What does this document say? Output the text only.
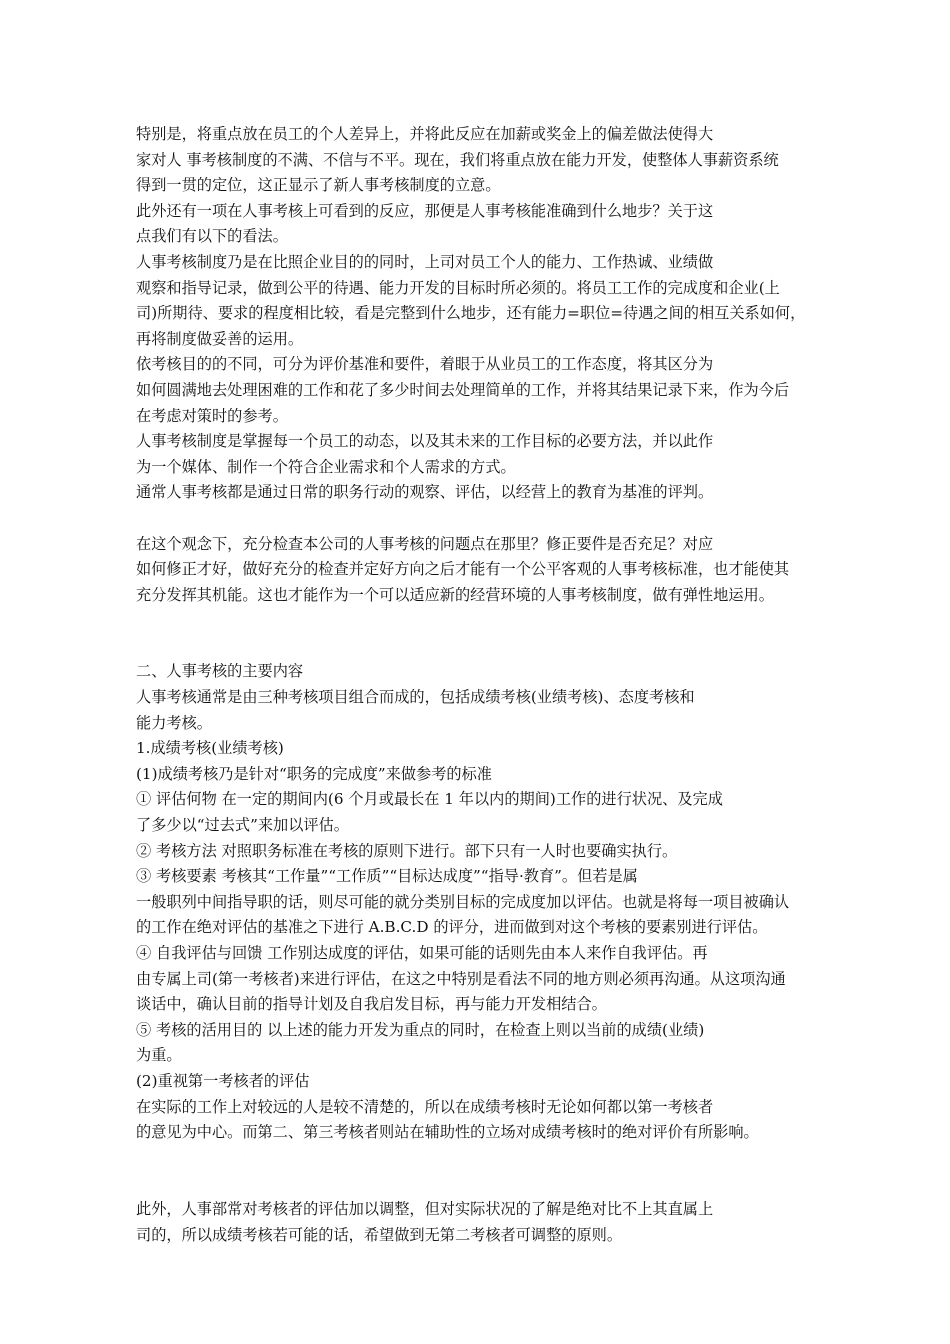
特别是，将重点放在员工的个人差异上，并将此反应在加薪或奖金上的偏差做法使得大
家对人 事考核制度的不满、不信与不平。现在，我们将重点放在能力开发，使整体人事薪资系统
得到一贯的定位，这正显示了新人事考核制度的立意。
此外还有一项在人事考核上可看到的反应，那便是人事考核能准确到什么地步？关于这
点我们有以下的看法。
人事考核制度乃是在比照企业目的的同时，上司对员工个人的能力、工作热诚、业绩做
观察和指导记录，做到公平的待遇、能力开发的目标时所必须的。将员工工作的完成度和企业(上
司)所期待、要求的程度相比较，看是完整到什么地步，还有能力=职位=待遇之间的相互关系如何，
再将制度做妥善的运用。
依考核目的的不同，可分为评价基准和要件，着眼于从业员工的工作态度，将其区分为
如何圆满地去处理困难的工作和花了多少时间去处理简单的工作，并将其结果记录下来，作为今后
在考虑对策时的参考。
人事考核制度是掌握每一个员工的动态，以及其未来的工作目标的必要方法，并以此作
为一个媒体、制作一个符合企业需求和个人需求的方式。
通常人事考核都是通过日常的职务行动的观察、评估，以经营上的教育为基准的评判。
在这个观念下，充分检查本公司的人事考核的问题点在那里？修正要件是否充足？对应
如何修正才好，做好充分的检查并定好方向之后才能有一个公平客观的人事考核标准，也才能使其
充分发挥其机能。这也才能作为一个可以适应新的经营环境的人事考核制度，做有弹性地运用。
二、人事考核的主要内容
人事考核通常是由三种考核项目组合而成的，包括成绩考核(业绩考核)、态度考核和
能力考核。
1.成绩考核(业绩考核)
(1)成绩考核乃是针对“职务的完成度”来做参考的标准
① 评估何物 在一定的期间内(6 个月或最长在 1 年以内的期间)工作的进行状况、及完成
了多少以“过去式”来加以评估。
② 考核方法 对照职务标准在考核的原则下进行。部下只有一人时也要确实执行。
③ 考核要素 考核其“工作量”“工作质”“目标达成度”“指导·教育”。但若是属
一般职列中间指导职的话，则尽可能的就分类别目标的完成度加以评估。也就是将每一项目被确认
的工作在绝对评估的基准之下进行 A.B.C.D 的评分，进而做到对这个考核的要素别进行评估。
④ 自我评估与回馈 工作别达成度的评估，如果可能的话则先由本人来作自我评估。再
由专属上司(第一考核者)来进行评估，在这之中特别是看法不同的地方则必须再沟通。从这项沟通
谈话中，确认目前的指导计划及自我启发目标，再与能力开发相结合。
⑤ 考核的活用目的 以上述的能力开发为重点的同时，在检查上则以当前的成绩(业绩)
为重。
(2)重视第一考核者的评估
在实际的工作上对较远的人是较不清楚的，所以在成绩考核时无论如何都以第一考核者
的意见为中心。而第二、第三考核者则站在辅助性的立场对成绩考核时的绝对评价有所影响。
此外，人事部常对考核者的评估加以调整，但对实际状况的了解是绝对比不上其直属上
司的，所以成绩考核若可能的话，希望做到无第二考核者可调整的原则。
